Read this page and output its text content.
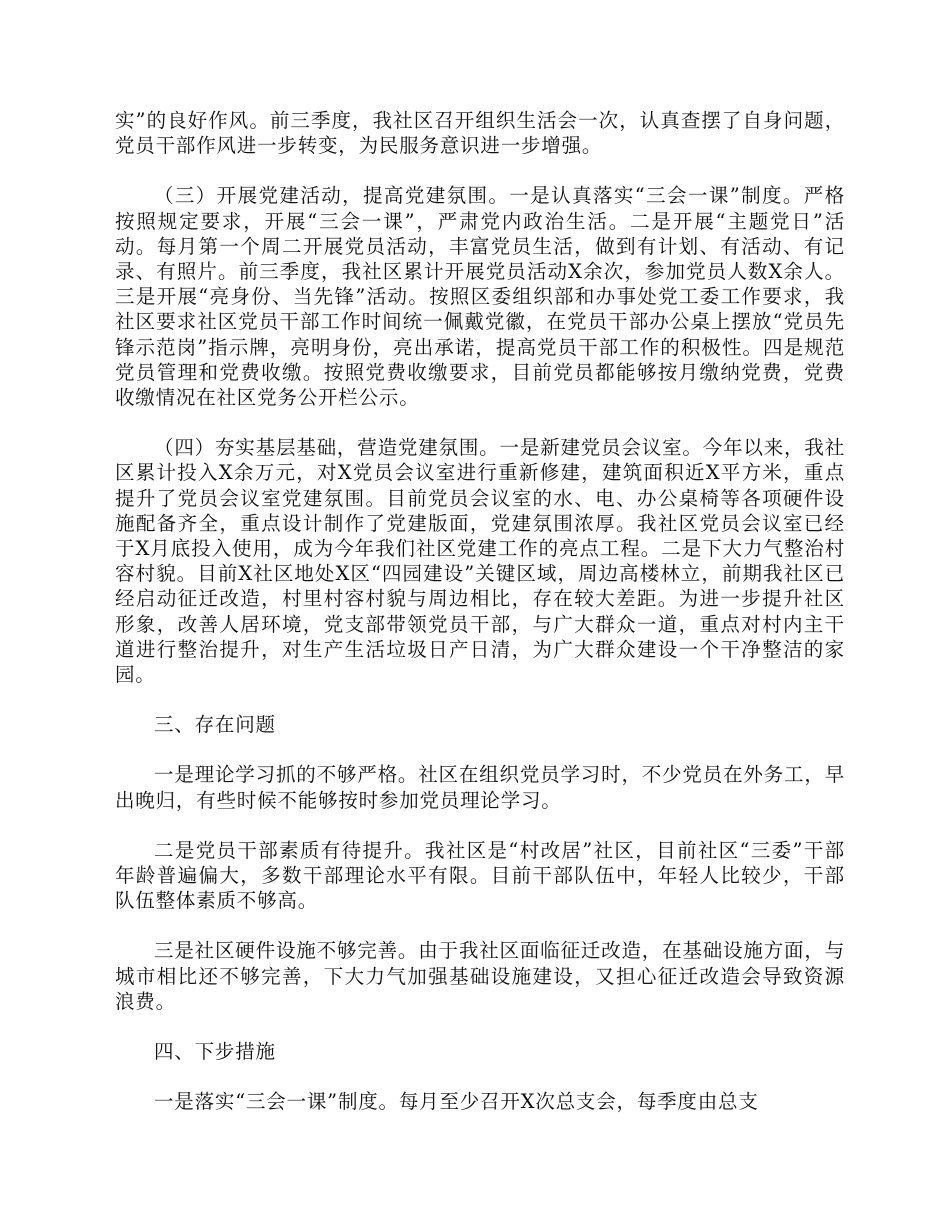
实”的良好作风。前三季度，我社区召开组织生活会一次，认真查摆了自身问题，党员干部作风进一步转变，为民服务意识进一步增强。

（三）开展党建活动，提高党建氛围。一是认真落实“三会一课”制度。严格按照规定要求，开展“三会一课”，严肃党内政治生活。二是开展“主题党日”活动。每月第一个周二开展党员活动，丰富党员生活，做到有计划、有活动、有记录、有照片。前三季度，我社区累计开展党员活动X余次，参加党员人数X余人。三是开展“亮身份、当先锋”活动。按照区委组织部和办事处党工委工作要求，我社区要求社区党员干部工作时间统一佩戴党徽，在党员干部办公桌上摆放“党员先锋示范岗”指示牌，亮明身份，亮出承诺，提高党员干部工作的积极性。四是规范党员管理和党费收缴。按照党费收缴要求，目前党员都能够按月缴纳党费，党费收缴情况在社区党务公开栏公示。

（四）夯实基层基础，营造党建氛围。一是新建党员会议室。今年以来，我社区累计投入X余万元，对X党员会议室进行重新修建，建筑面积近X平方米，重点提升了党员会议室党建氛围。目前党员会议室的水、电、办公桌椅等各项硬件设施配备齐全，重点设计制作了党建版面，党建氛围浓厚。我社区党员会议室已经于X月底投入使用，成为今年我们社区党建工作的亮点工程。二是下大力气整治村容村貌。目前X社区地处X区“四园建设”关键区域，周边高楼林立，前期我社区已经启动征迁改造，村里村容村貌与周边相比，存在较大差距。为进一步提升社区形象，改善人居环境，党支部带领党员干部，与广大群众一道，重点对村内主干道进行整治提升，对生产生活垃圾日产日清，为广大群众建设一个干净整洁的家园。

三、存在问题

一是理论学习抓的不够严格。社区在组织党员学习时，不少党员在外务工，早出晚归，有些时候不能够按时参加党员理论学习。

二是党员干部素质有待提升。我社区是“村改居”社区，目前社区“三委”干部年龄普遍偏大，多数干部理论水平有限。目前干部队伍中，年轻人比较少，干部队伍整体素质不够高。

三是社区硬件设施不够完善。由于我社区面临征迁改造，在基础设施方面，与城市相比还不够完善，下大力气加强基础设施建设，又担心征迁改造会导致资源浪费。

四、下步措施

一是落实“三会一课”制度。每月至少召开X次总支会，每季度由总支
